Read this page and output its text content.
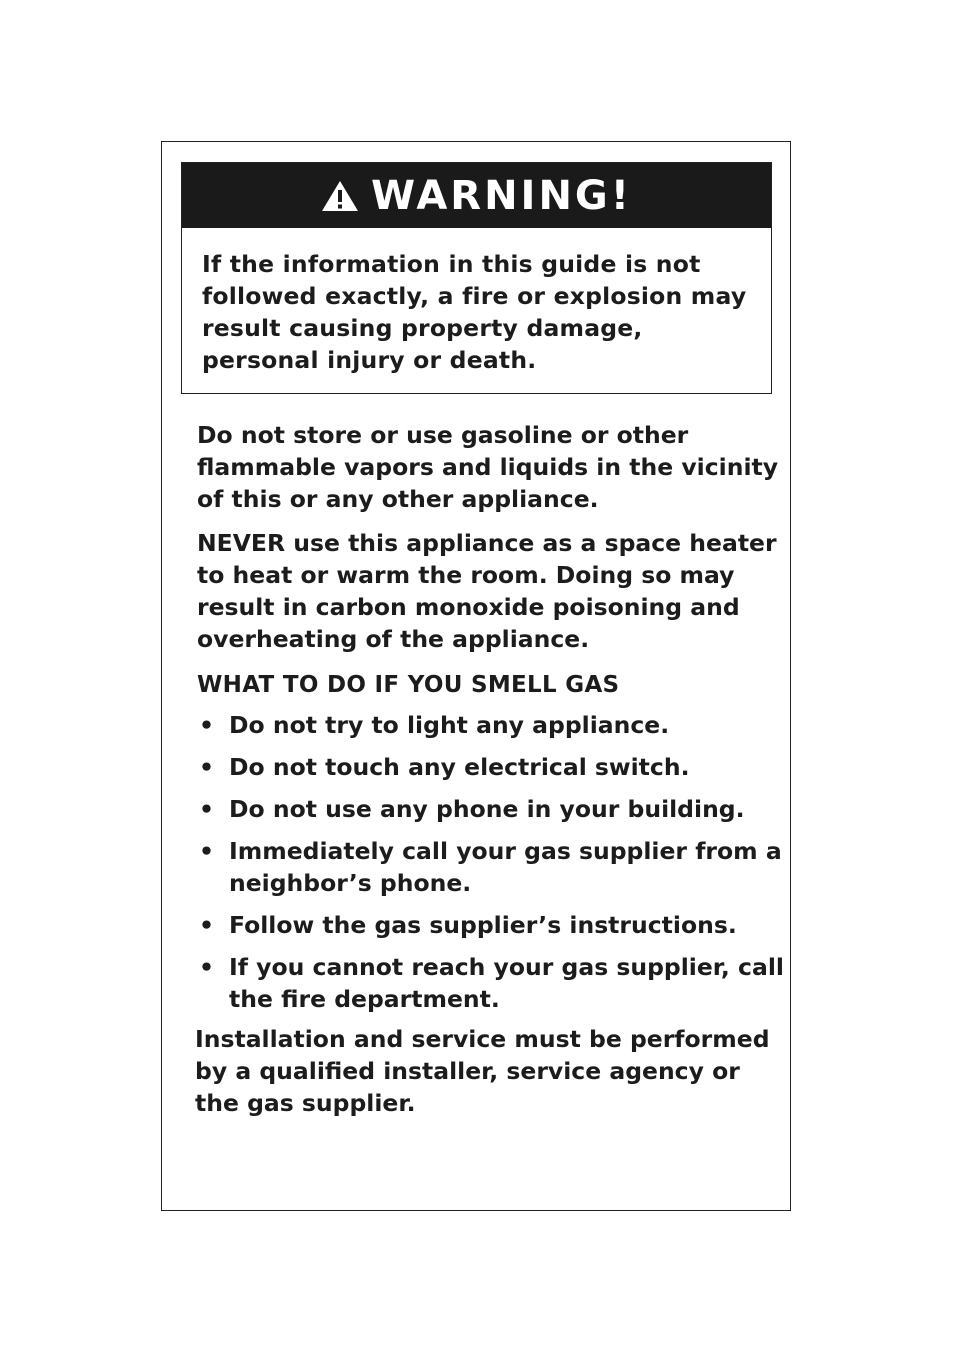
WARNING!

If the information in this guide is not followed exactly, a fire or explosion may result causing property damage, personal injury or death.

Do not store or use gasoline or other flammable vapors and liquids in the vicinity of this or any other appliance.

NEVER use this appliance as a space heater to heat or warm the room. Doing so may result in carbon monoxide poisoning and overheating of the appliance.

WHAT TO DO IF YOU SMELL GAS
• Do not try to light any appliance.
• Do not touch any electrical switch.
• Do not use any phone in your building.
• Immediately call your gas supplier from a neighbor’s phone.
• Follow the gas supplier’s instructions.
• If you cannot reach your gas supplier, call the fire department.

Installation and service must be performed by a qualified installer, service agency or the gas supplier.
